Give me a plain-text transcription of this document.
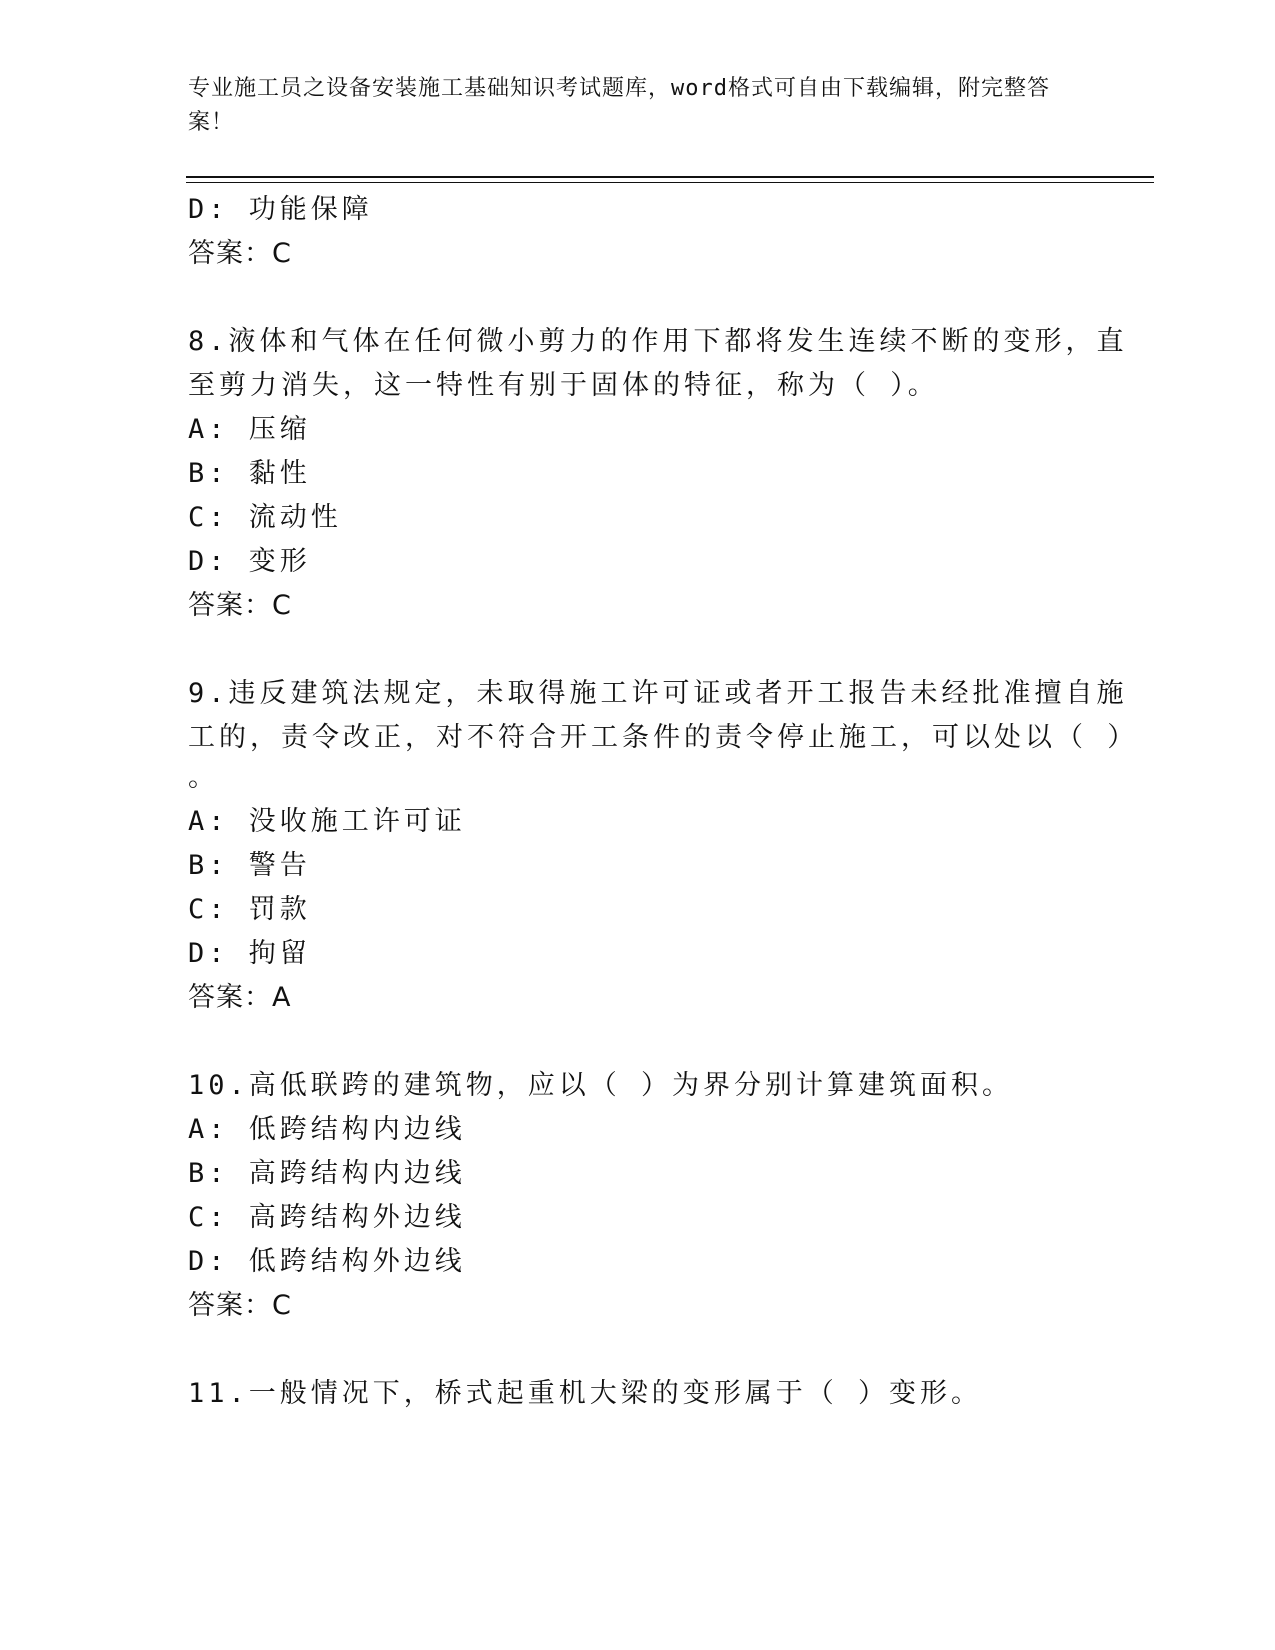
专业施工员之设备安装施工基础知识考试题库，word格式可自由下载编辑，附完整答案！
D: 功能保障
答案：C
8.液体和气体在任何微小剪力的作用下都将发生连续不断的变形，直
至剪力消失，这一特性有别于固体的特征，称为（ ）。
A: 压缩
B: 黏性
C: 流动性
D: 变形
答案：C
9.违反建筑法规定，未取得施工许可证或者开工报告未经批准擅自施
工的，责令改正，对不符合开工条件的责令停止施工，可以处以（ ）
。
A: 没收施工许可证
B: 警告
C: 罚款
D: 拘留
答案：A
10.高低联跨的建筑物，应以（ ）为界分别计算建筑面积。
A: 低跨结构内边线
B: 高跨结构内边线
C: 高跨结构外边线
D: 低跨结构外边线
答案：C
11.一般情况下，桥式起重机大梁的变形属于（ ）变形。
